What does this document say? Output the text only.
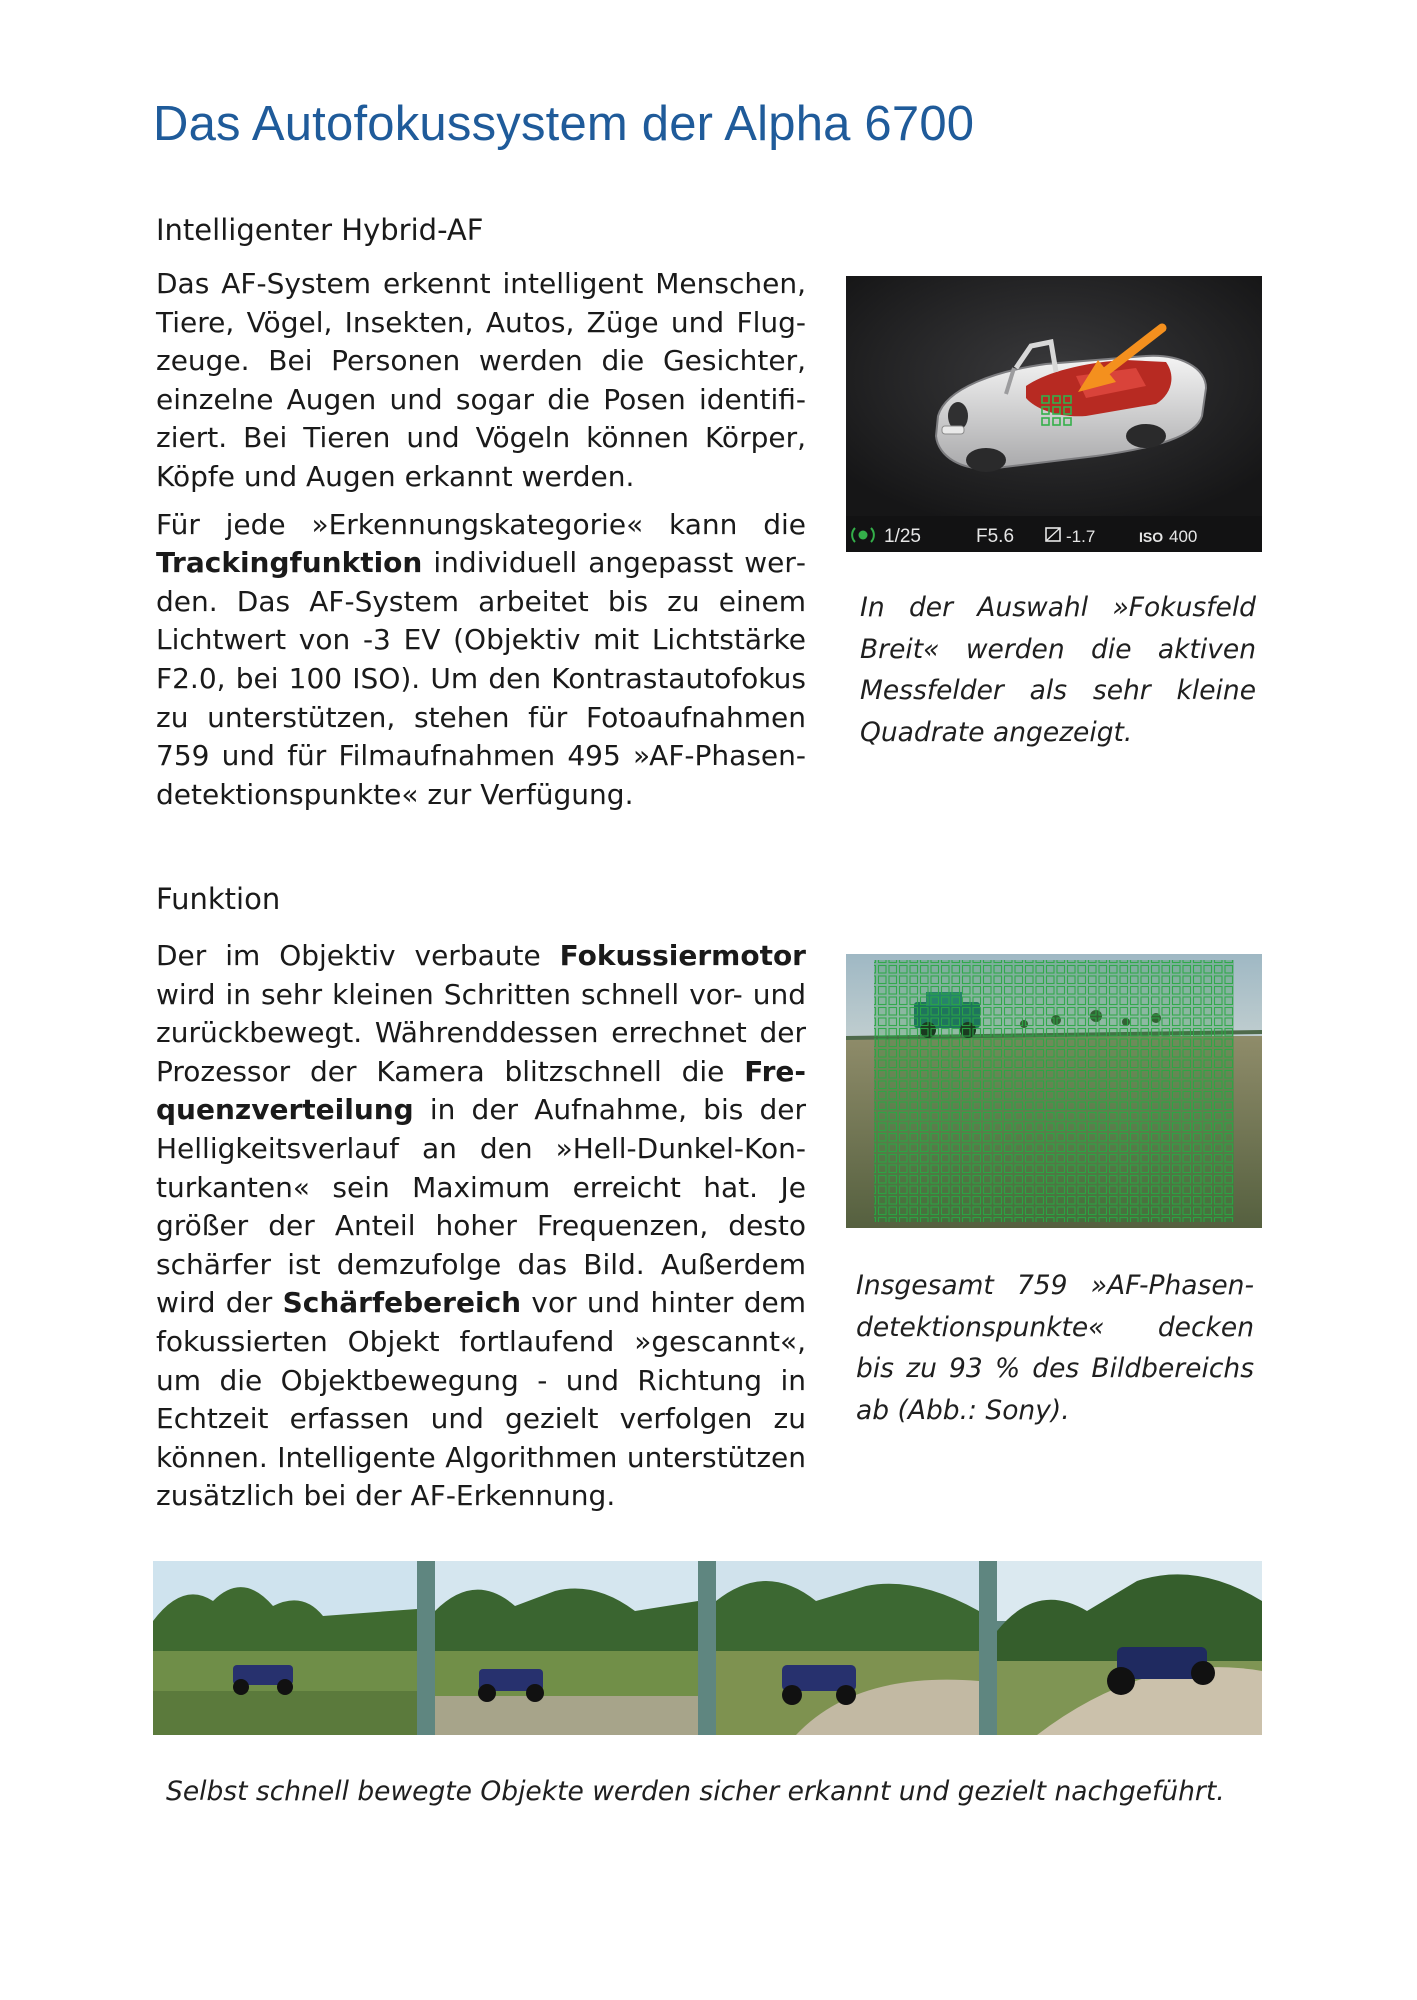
Das Autofokussystem der Alpha 6700
Intelligenter Hybrid-AF

Das AF-System erkennt intelligent Menschen, Tiere, Vögel, Insekten, Autos, Züge und Flugzeuge. Bei Personen werden die Gesichter, einzelne Augen und sogar die Posen identifiziert. Bei Tieren und Vögeln können Körper, Köpfe und Augen erkannt werden.

Für jede »Erkennungskategorie« kann die Trackingfunktion individuell angepasst werden. Das AF-System arbeitet bis zu einem Lichtwert von -3 EV (Objektiv mit Lichtstärke F2.0, bei 100 ISO). Um den Kontrastautofokus zu unterstützen, stehen für Fotoaufnahmen 759 und für Filmaufnahmen 495 »AF-Phasendetektionspunkte« zur Verfügung.

1/25	F5.6	-1.7	ISO 400
In der Auswahl »Fokusfeld Breit« werden die aktiven Messfelder als sehr kleine Quadrate angezeigt.
Funktion

Der im Objektiv verbaute Fokussiermotor wird in sehr kleinen Schritten schnell vor- und zurückbewegt. Währenddessen errechnet der Prozessor der Kamera blitzschnell die Frequenzverteilung in der Aufnahme, bis der Helligkeitsverlauf an den »Hell-Dunkel-Konturkanten« sein Maximum erreicht hat. Je größer der Anteil hoher Frequenzen, desto schärfer ist demzufolge das Bild. Außerdem wird der Schärfebereich vor und hinter dem fokussierten Objekt fortlaufend »gescannt«, um die Objektbewegung - und Richtung in Echtzeit erfassen und gezielt verfolgen zu können. Intelligente Algorithmen unterstützen zusätzlich bei der AF-Erkennung.

Insgesamt 759 »AF-Phasendetektionspunkte« decken bis zu 93 % des Bildbereichs ab (Abb.: Sony).
Selbst schnell bewegte Objekte werden sicher erkannt und gezielt nachgeführt.
